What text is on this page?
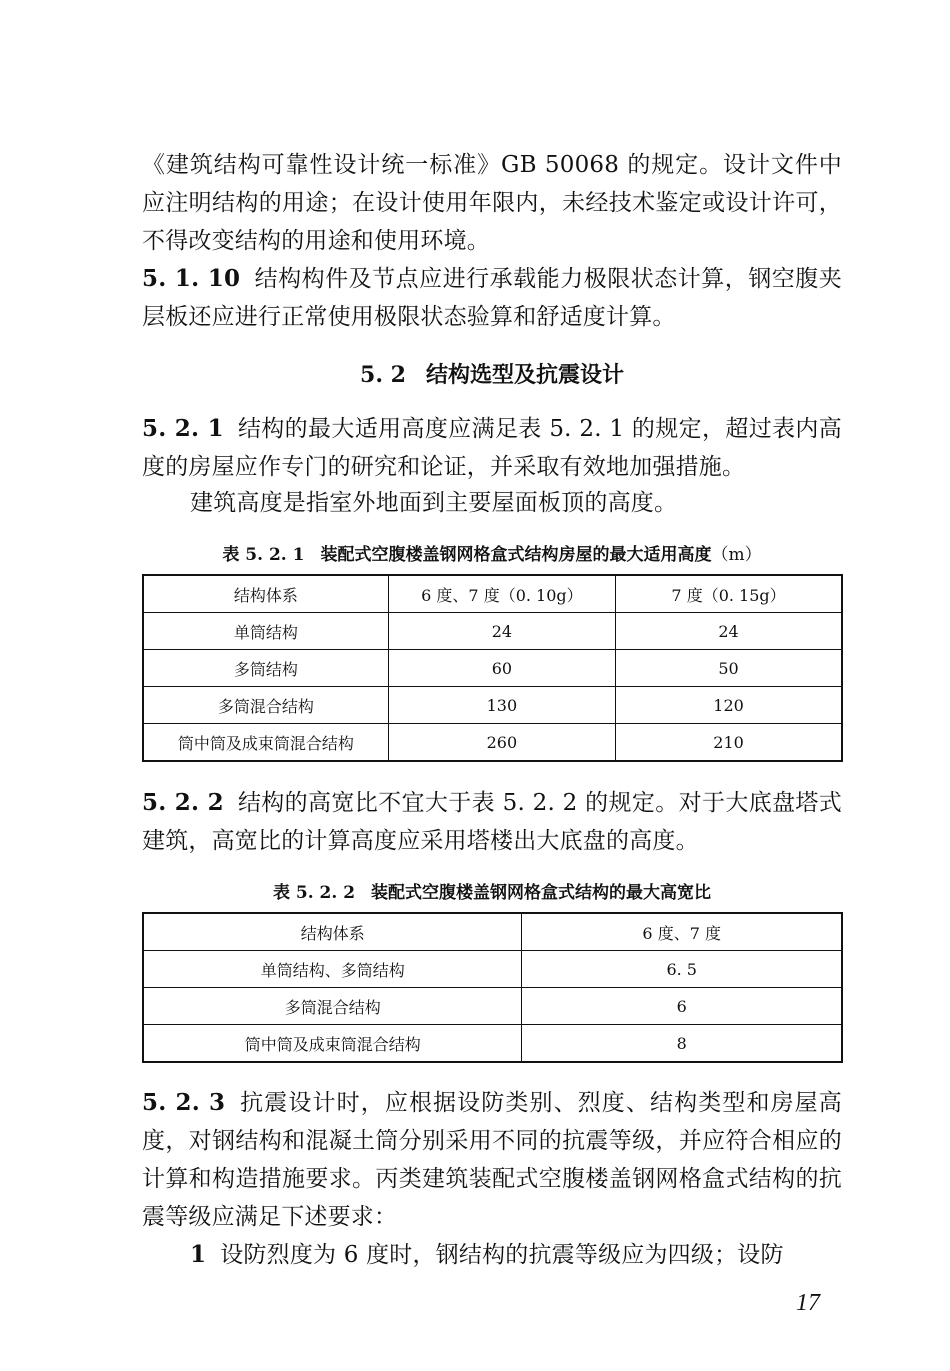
《建筑结构可靠性设计统一标准》GB 50068 的规定。设计文件中应注明结构的用途；在设计使用年限内，未经技术鉴定或设计许可，不得改变结构的用途和使用环境。
5. 1. 10 结构构件及节点应进行承载能力极限状态计算，钢空腹夹层板还应进行正常使用极限状态验算和舒适度计算。
5. 2 结构选型及抗震设计
5. 2. 1 结构的最大适用高度应满足表 5. 2. 1 的规定，超过表内高度的房屋应作专门的研究和论证，并采取有效地加强措施。
建筑高度是指室外地面到主要屋面板顶的高度。
表 5. 2. 1 装配式空腹楼盖钢网格盒式结构房屋的最大适用高度（m）
结构体系	6 度、7 度（0. 10g）	7 度（0. 15g）
单筒结构	24	24
多筒结构	60	50
多筒混合结构	130	120
筒中筒及成束筒混合结构	260	210
5. 2. 2 结构的高宽比不宜大于表 5. 2. 2 的规定。对于大底盘塔式建筑，高宽比的计算高度应采用塔楼出大底盘的高度。
表 5. 2. 2 装配式空腹楼盖钢网格盒式结构的最大高宽比
结构体系	6 度、7 度
单筒结构、多筒结构	6. 5
多筒混合结构	6
筒中筒及成束筒混合结构	8
5. 2. 3 抗震设计时，应根据设防类别、烈度、结构类型和房屋高度，对钢结构和混凝土筒分别采用不同的抗震等级，并应符合相应的计算和构造措施要求。丙类建筑装配式空腹楼盖钢网格盒式结构的抗震等级应满足下述要求：
1 设防烈度为 6 度时，钢结构的抗震等级应为四级；设防
17
